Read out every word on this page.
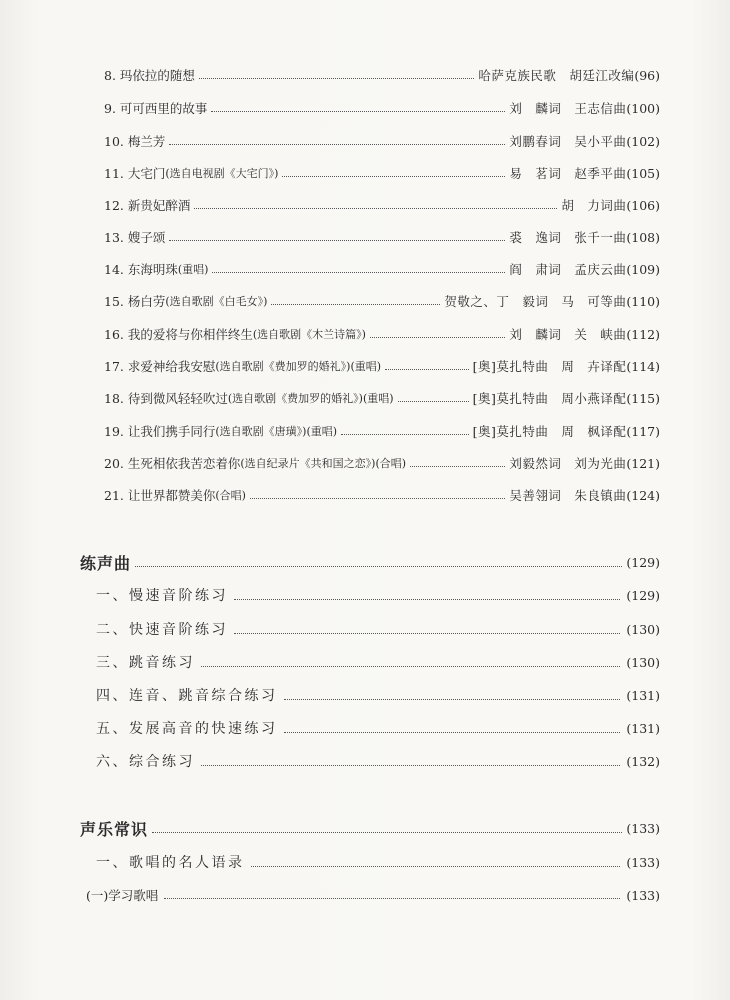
8. 玛依拉的随想	哈萨克族民歌　胡廷江改编 (96)
9. 可可西里的故事	刘　麟词　王志信曲 (100)
10. 梅兰芳	刘鹏春词　吴小平曲 (102)
11. 大宅门 (选自电视剧《大宅门》)	易　茗词　赵季平曲 (105)
12. 新贵妃醉酒	胡　力词曲 (106)
13. 嫂子颂	裘　逸词　张千一曲 (108)
14. 东海明珠 (重唱)	阎　肃词　孟庆云曲 (109)
15. 杨白劳 (选自歌剧《白毛女》)	贺敬之、丁　毅词　马　可等曲 (110)
16. 我的爱将与你相伴终生 (选自歌剧《木兰诗篇》)	刘　麟词　关　峡曲 (112)
17. 求爱神给我安慰 (选自歌剧《费加罗的婚礼》)(重唱)	[奥]莫扎特曲　周　卉译配 (114)
18. 待到微风轻轻吹过 (选自歌剧《费加罗的婚礼》)(重唱)	[奥]莫扎特曲　周小燕译配 (115)
19. 让我们携手同行 (选自歌剧《唐璜》)(重唱)	[奥]莫扎特曲　周　枫译配 (117)
20. 生死相依我苦恋着你 (选自纪录片《共和国之恋》)(合唱)	刘毅然词　刘为光曲 (121)
21. 让世界都赞美你 (合唱)	吴善翎词　朱良镇曲 (124)
练声曲	(129)
一、慢速音阶练习	(129)
二、快速音阶练习	(130)
三、跳音练习	(130)
四、连音、跳音综合练习	(131)
五、发展高音的快速练习	(131)
六、综合练习	(132)
声乐常识	(133)
一、歌唱的名人语录	(133)
(一)学习歌唱	(133)
